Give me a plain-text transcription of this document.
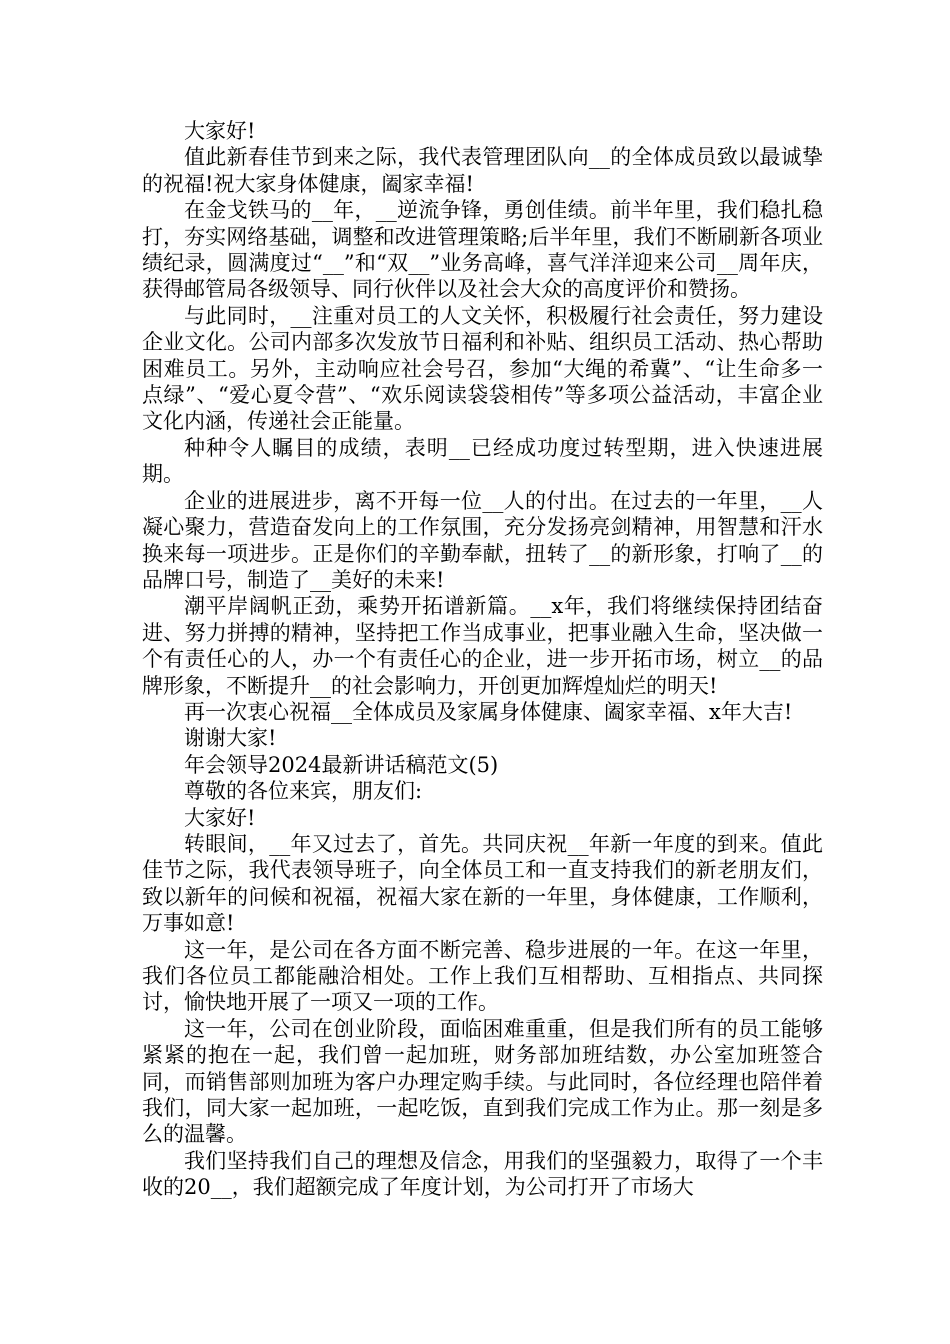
大家好!

值此新春佳节到来之际，我代表管理团队向__的全体成员致以最诚挚的祝福!祝大家身体健康，阖家幸福!

在金戈铁马的__年，__逆流争锋，勇创佳绩。前半年里，我们稳扎稳打，夯实网络基础，调整和改进管理策略;后半年里，我们不断刷新各项业绩纪录，圆满度过“__”和“双__”业务高峰，喜气洋洋迎来公司__周年庆，获得邮管局各级领导、同行伙伴以及社会大众的高度评价和赞扬。

与此同时，__注重对员工的人文关怀，积极履行社会责任，努力建设企业文化。公司内部多次发放节日福利和补贴、组织员工活动、热心帮助困难员工。另外，主动响应社会号召，参加“大绳的希冀”、“让生命多一点绿”、“爱心夏令营”、“欢乐阅读袋袋相传”等多项公益活动，丰富企业文化内涵，传递社会正能量。

种种令人瞩目的成绩，表明__已经成功度过转型期，进入快速进展期。

企业的进展进步，离不开每一位__人的付出。在过去的一年里，__人凝心聚力，营造奋发向上的工作氛围，充分发扬亮剑精神，用智慧和汗水换来每一项进步。正是你们的辛勤奉献，扭转了__的新形象，打响了__的品牌口号，制造了__美好的未来!

潮平岸阔帆正劲，乘势开拓谱新篇。__x年，我们将继续保持团结奋进、努力拼搏的精神，坚持把工作当成事业，把事业融入生命，坚决做一个有责任心的人，办一个有责任心的企业，进一步开拓市场，树立__的品牌形象，不断提升__的社会影响力，开创更加辉煌灿烂的明天!

再一次衷心祝福__全体成员及家属身体健康、阖家幸福、x年大吉!

谢谢大家!

年会领导2024最新讲话稿范文(5)

尊敬的各位来宾，朋友们:

大家好!

转眼间，__年又过去了，首先。共同庆祝__年新一年度的到来。值此佳节之际，我代表领导班子，向全体员工和一直支持我们的新老朋友们，致以新年的问候和祝福，祝福大家在新的一年里，身体健康，工作顺利，万事如意!

这一年，是公司在各方面不断完善、稳步进展的一年。在这一年里，我们各位员工都能融洽相处。工作上我们互相帮助、互相指点、共同探讨，愉快地开展了一项又一项的工作。

这一年，公司在创业阶段，面临困难重重，但是我们所有的员工能够紧紧的抱在一起，我们曾一起加班，财务部加班结数，办公室加班签合同，而销售部则加班为客户办理定购手续。与此同时，各位经理也陪伴着我们，同大家一起加班，一起吃饭，直到我们完成工作为止。那一刻是多么的温馨。

我们坚持我们自己的理想及信念，用我们的坚强毅力，取得了一个丰收的20__，我们超额完成了年度计划，为公司打开了市场大
